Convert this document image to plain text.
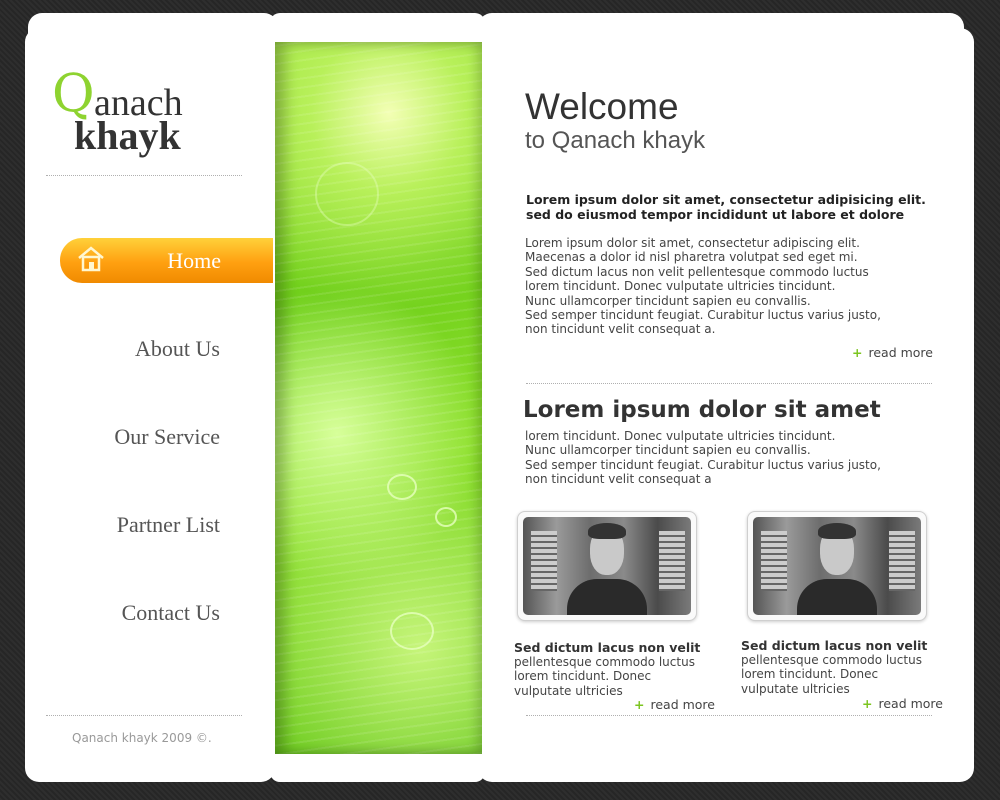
Q anach
khayk
Home
About Us
Our Service
Partner List
Contact Us
Qanach khayk 2009 ©.
Welcome
to Qanach khayk
Lorem ipsum dolor sit amet, consectetur adipisicing elit. sed do eiusmod tempor incididunt ut labore et dolore
Lorem ipsum dolor sit amet, consectetur adipiscing elit.
Maecenas a dolor id nisl pharetra volutpat sed eget mi.
Sed dictum lacus non velit pellentesque commodo luctus
lorem tincidunt. Donec vulputate ultricies tincidunt.
Nunc ullamcorper tincidunt sapien eu convallis.
Sed semper tincidunt feugiat. Curabitur luctus varius justo,
non tincidunt velit consequat a.
+ read more
Lorem ipsum dolor sit amet
lorem tincidunt. Donec vulputate ultricies tincidunt.
Nunc ullamcorper tincidunt sapien eu convallis.
Sed semper tincidunt feugiat. Curabitur luctus varius justo,
non tincidunt velit consequat a
Sed dictum lacus non velit
pellentesque commodo luctus
lorem tincidunt. Donec
vulputate ultricies
+ read more
Sed dictum lacus non velit
pellentesque commodo luctus
lorem tincidunt. Donec
vulputate ultricies
+ read more
